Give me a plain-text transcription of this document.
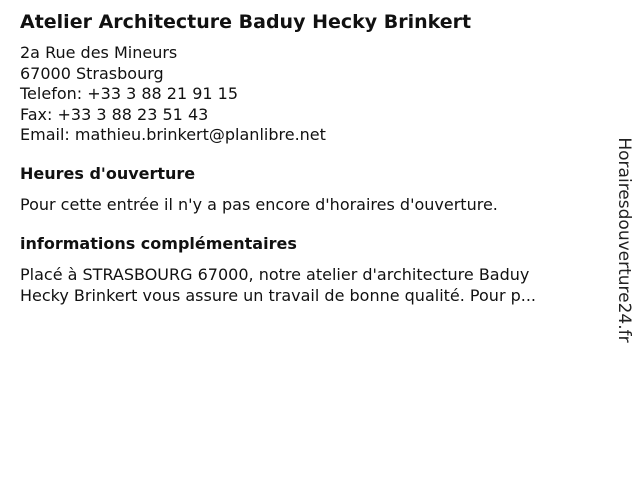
Atelier Architecture Baduy Hecky Brinkert
2a Rue des Mineurs
67000 Strasbourg
Telefon: +33 3 88 21 91 15
Fax: +33 3 88 23 51 43
Email: mathieu.brinkert@planlibre.net
Heures d'ouverture
Pour cette entrée il n'y a pas encore d'horaires d'ouverture.
informations complémentaires
Placé à STRASBOURG 67000, notre atelier d'architecture Baduy
Hecky Brinkert vous assure un travail de bonne qualité. Pour p...	Horairesdouverture24.fr
